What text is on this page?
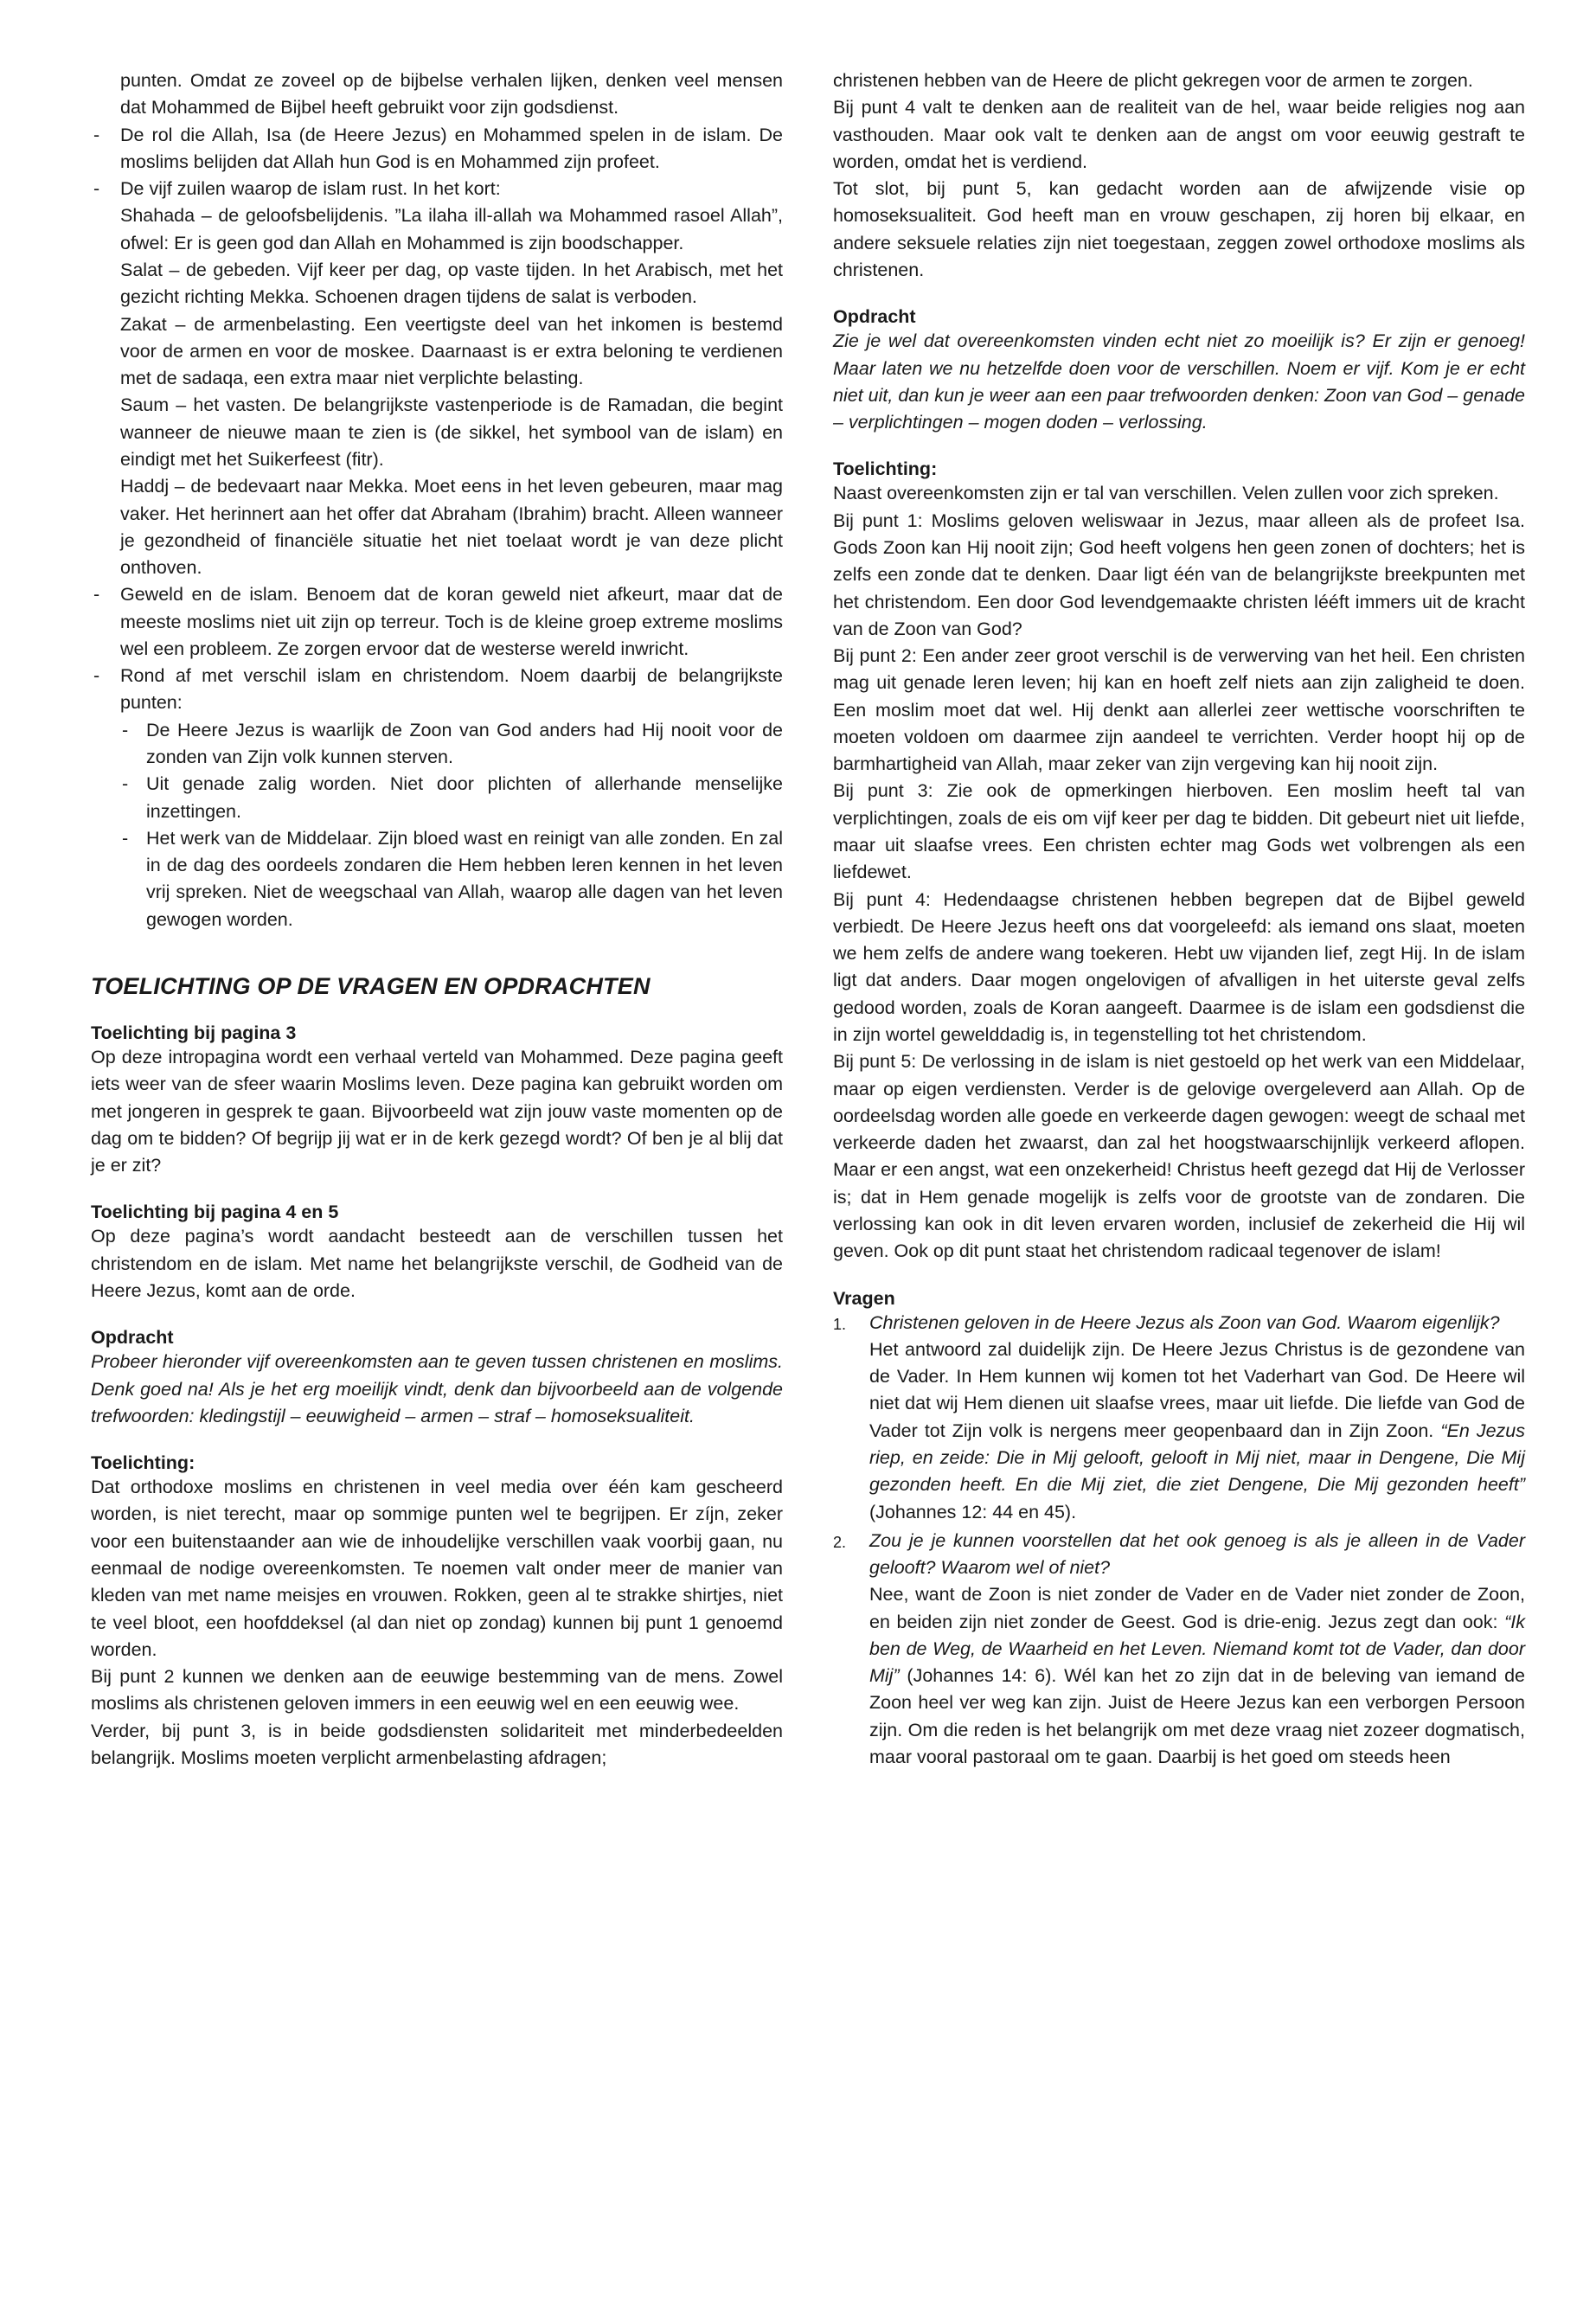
punten. Omdat ze zoveel op de bijbelse verhalen lijken, denken veel mensen dat Mohammed de Bijbel heeft gebruikt voor zijn godsdienst.

- De rol die Allah, Isa (de Heere Jezus) en Mohammed spelen in de islam. De moslims belijden dat Allah hun God is en Mohammed zijn profeet.
- De vijf zuilen waarop de islam rust. In het kort:

Shahada – de geloofsbelijdenis. ”La ilaha ill-allah wa Mohammed rasoel Allah”, ofwel: Er is geen god dan Allah en Mohammed is zijn boodschapper.

Salat – de gebeden. Vijf keer per dag, op vaste tijden. In het Arabisch, met het gezicht richting Mekka. Schoenen dragen tijdens de salat is verboden.

Zakat – de armenbelasting. Een veertigste deel van het inkomen is bestemd voor de armen en voor de moskee. Daarnaast is er extra beloning te verdienen met de sadaqa, een extra maar niet verplichte belasting.

Saum – het vasten. De belangrijkste vastenperiode is de Ramadan, die begint wanneer de nieuwe maan te zien is (de sikkel, het symbool van de islam) en eindigt met het Suikerfeest (fitr).

Haddj – de bedevaart naar Mekka. Moet eens in het leven gebeuren, maar mag vaker. Het herinnert aan het offer dat Abraham (Ibrahim) bracht. Alleen wanneer je gezondheid of financiële situatie het niet toelaat wordt je van deze plicht onthoven.

- Geweld en de islam. Benoem dat de koran geweld niet afkeurt, maar dat de meeste moslims niet uit zijn op terreur. Toch is de kleine groep extreme moslims wel een probleem. Ze zorgen ervoor dat de westerse wereld inwricht.
- Rond af met verschil islam en christendom. Noem daarbij de belangrijkste punten:
- De Heere Jezus is waarlijk de Zoon van God anders had Hij nooit voor de zonden van Zijn volk kunnen sterven.
- Uit genade zalig worden. Niet door plichten of allerhande menselijke inzettingen.
- Het werk van de Middelaar. Zijn bloed wast en reinigt van alle zonden. En zal in de dag des oordeels zondaren die Hem hebben leren kennen in het leven vrij spreken. Niet de weegschaal van Allah, waarop alle dagen van het leven gewogen worden.
TOELICHTING OP DE VRAGEN EN OPDRACHTEN
Toelichting bij pagina 3

Op deze intropagina wordt een verhaal verteld van Mohammed. Deze pagina geeft iets weer van de sfeer waarin Moslims leven. Deze pagina kan gebruikt worden om met jongeren in gesprek te gaan. Bijvoorbeeld wat zijn jouw vaste momenten op de dag om te bidden? Of begrijp jij wat er in de kerk gezegd wordt? Of ben je al blij dat je er zit?

Toelichting bij pagina 4 en 5

Op deze pagina’s wordt aandacht besteedt aan de verschillen tussen het christendom en de islam. Met name het belangrijkste verschil, de Godheid van de Heere Jezus, komt aan de orde.

Opdracht

Probeer hieronder vijf overeenkomsten aan te geven tussen christenen en moslims. Denk goed na! Als je het erg moeilijk vindt, denk dan bijvoorbeeld aan de volgende trefwoorden: kledingstijl – eeuwigheid – armen – straf – homoseksualiteit.

Toelichting:

Dat orthodoxe moslims en christenen in veel media over één kam gescheerd worden, is niet terecht, maar op sommige punten wel te begrijpen. Er zíjn, zeker voor een buitenstaander aan wie de inhoudelijke verschillen vaak voorbij gaan, nu eenmaal de nodige overeenkomsten. Te noemen valt onder meer de manier van kleden van met name meisjes en vrouwen. Rokken, geen al te strakke shirtjes, niet te veel bloot, een hoofddeksel (al dan niet op zondag) kunnen bij punt 1 genoemd worden.

Bij punt 2 kunnen we denken aan de eeuwige bestemming van de mens. Zowel moslims als christenen geloven immers in een eeuwig wel en een eeuwig wee.

Verder, bij punt 3, is in beide godsdiensten solidariteit met minderbedeelden belangrijk. Moslims moeten verplicht armenbelasting afdragen;

christenen hebben van de Heere de plicht gekregen voor de armen te zorgen.

Bij punt 4 valt te denken aan de realiteit van de hel, waar beide religies nog aan vasthouden. Maar ook valt te denken aan de angst om voor eeuwig gestraft te worden, omdat het is verdiend.

Tot slot, bij punt 5, kan gedacht worden aan de afwijzende visie op homoseksualiteit. God heeft man en vrouw geschapen, zij horen bij elkaar, en andere seksuele relaties zijn niet toegestaan, zeggen zowel orthodoxe moslims als christenen.

Opdracht

Zie je wel dat overeenkomsten vinden echt niet zo moeilijk is? Er zijn er genoeg! Maar laten we nu hetzelfde doen voor de verschillen. Noem er vijf. Kom je er echt niet uit, dan kun je weer aan een paar trefwoorden denken: Zoon van God – genade – verplichtingen – mogen doden – verlossing.

Toelichting:

Naast overeenkomsten zijn er tal van verschillen. Velen zullen voor zich spreken.

Bij punt 1: Moslims geloven weliswaar in Jezus, maar alleen als de profeet Isa. Gods Zoon kan Hij nooit zijn; God heeft volgens hen geen zonen of dochters; het is zelfs een zonde dat te denken. Daar ligt één van de belangrijkste breekpunten met het christendom. Een door God levendgemaakte christen lééft immers uit de kracht van de Zoon van God?

Bij punt 2: Een ander zeer groot verschil is de verwerving van het heil. Een christen mag uit genade leren leven; hij kan en hoeft zelf niets aan zijn zaligheid te doen. Een moslim moet dat wel. Hij denkt aan allerlei zeer wettische voorschriften te moeten voldoen om daarmee zijn aandeel te verrichten. Verder hoopt hij op de barmhartigheid van Allah, maar zeker van zijn vergeving kan hij nooit zijn.

Bij punt 3: Zie ook de opmerkingen hierboven. Een moslim heeft tal van verplichtingen, zoals de eis om vijf keer per dag te bidden. Dit gebeurt niet uit liefde, maar uit slaafse vrees. Een christen echter mag Gods wet volbrengen als een liefdewet.

Bij punt 4: Hedendaagse christenen hebben begrepen dat de Bijbel geweld verbiedt. De Heere Jezus heeft ons dat voorgeleefd: als iemand ons slaat, moeten we hem zelfs de andere wang toekeren. Hebt uw vijanden lief, zegt Hij. In de islam ligt dat anders. Daar mogen ongelovigen of afvalligen in het uiterste geval zelfs gedood worden, zoals de Koran aangeeft. Daarmee is de islam een godsdienst die in zijn wortel gewelddadig is, in tegenstelling tot het christendom.

Bij punt 5: De verlossing in de islam is niet gestoeld op het werk van een Middelaar, maar op eigen verdiensten. Verder is de gelovige overgeleverd aan Allah. Op de oordeelsdag worden alle goede en verkeerde dagen gewogen: weegt de schaal met verkeerde daden het zwaarst, dan zal het hoogstwaarschijnlijk verkeerd aflopen. Maar er een angst, wat een onzekerheid! Christus heeft gezegd dat Hij de Verlosser is; dat in Hem genade mogelijk is zelfs voor de grootste van de zondaren. Die verlossing kan ook in dit leven ervaren worden, inclusief de zekerheid die Hij wil geven. Ook op dit punt staat het christendom radicaal tegenover de islam!

Vragen
1. Christenen geloven in de Heere Jezus als Zoon van God. Waarom eigenlijk?
Het antwoord zal duidelijk zijn. De Heere Jezus Christus is de gezondene van de Vader. In Hem kunnen wij komen tot het Vaderhart van God. De Heere wil niet dat wij Hem dienen uit slaafse vrees, maar uit liefde. Die liefde van God de Vader tot Zijn volk is nergens meer geopenbaard dan in Zijn Zoon. “En Jezus riep, en zeide: Die in Mij gelooft, gelooft in Mij niet, maar in Dengene, Die Mij gezonden heeft. En die Mij ziet, die ziet Dengene, Die Mij gezonden heeft” (Johannes 12: 44 en 45).
2. Zou je je kunnen voorstellen dat het ook genoeg is als je alleen in de Vader gelooft? Waarom wel of niet?
Nee, want de Zoon is niet zonder de Vader en de Vader niet zonder de Zoon, en beiden zijn niet zonder de Geest. God is drie-enig. Jezus zegt dan ook: “Ik ben de Weg, de Waarheid en het Leven. Niemand komt tot de Vader, dan door Mij” (Johannes 14: 6). Wél kan het zo zijn dat in de beleving van iemand de Zoon heel ver weg kan zijn. Juist de Heere Jezus kan een verborgen Persoon zijn. Om die reden is het belangrijk om met deze vraag niet zozeer dogmatisch, maar vooral pastoraal om te gaan. Daarbij is het goed om steeds heen
